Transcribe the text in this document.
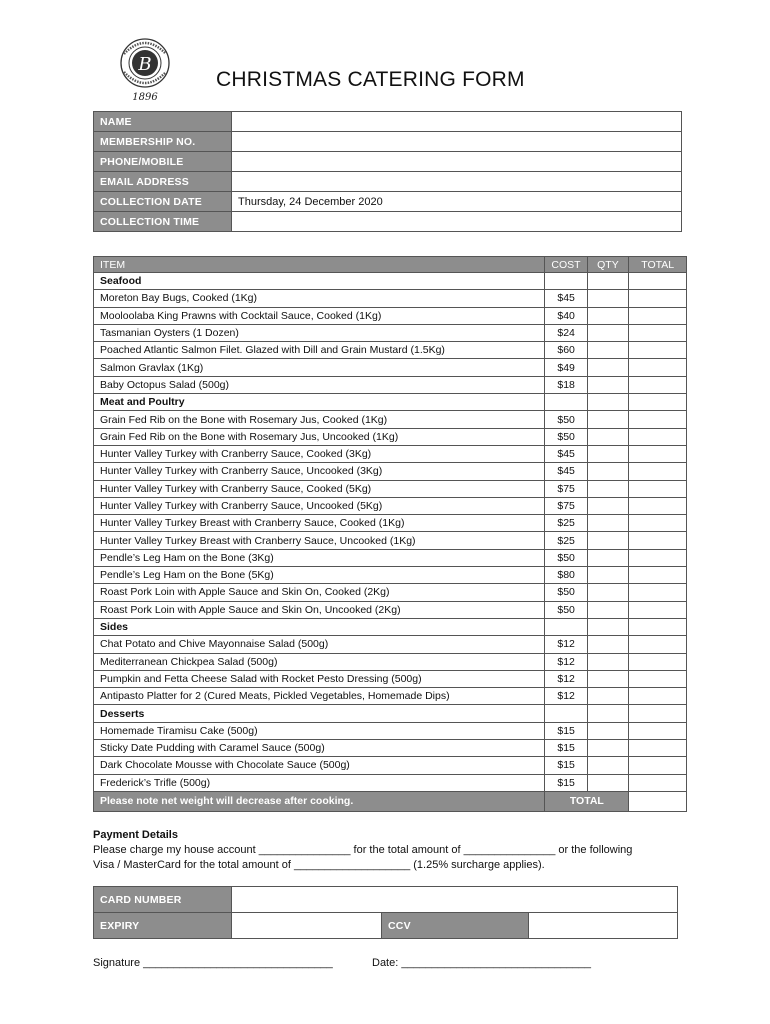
B
1896
CHRISTMAS CATERING FORM
NAME	
MEMBERSHIP NO.	
PHONE/MOBILE	
EMAIL ADDRESS	
COLLECTION DATE	Thursday, 24 December 2020
COLLECTION TIME	
ITEM	COST	QTY	TOTAL
Seafood			
Moreton Bay Bugs, Cooked (1Kg)	$45		
Mooloolaba King Prawns with Cocktail Sauce, Cooked (1Kg)	$40		
Tasmanian Oysters (1 Dozen)	$24		
Poached Atlantic Salmon Filet. Glazed with Dill and Grain Mustard (1.5Kg)	$60		
Salmon Gravlax (1Kg)	$49		
Baby Octopus Salad (500g)	$18		
Meat and Poultry			
Grain Fed Rib on the Bone with Rosemary Jus, Cooked (1Kg)	$50		
Grain Fed Rib on the Bone with Rosemary Jus, Uncooked (1Kg)	$50		
Hunter Valley Turkey with Cranberry Sauce, Cooked (3Kg)	$45		
Hunter Valley Turkey with Cranberry Sauce, Uncooked (3Kg)	$45		
Hunter Valley Turkey with Cranberry Sauce, Cooked (5Kg)	$75		
Hunter Valley Turkey with Cranberry Sauce, Uncooked (5Kg)	$75		
Hunter Valley Turkey Breast with Cranberry Sauce, Cooked (1Kg)	$25		
Hunter Valley Turkey Breast with Cranberry Sauce, Uncooked (1Kg)	$25		
Pendle’s Leg Ham on the Bone (3Kg)	$50		
Pendle’s Leg Ham on the Bone (5Kg)	$80		
Roast Pork Loin with Apple Sauce and Skin On, Cooked (2Kg)	$50		
Roast Pork Loin with Apple Sauce and Skin On, Uncooked (2Kg)	$50		
Sides			
Chat Potato and Chive Mayonnaise Salad (500g)	$12		
Mediterranean Chickpea Salad (500g)	$12		
Pumpkin and Fetta Cheese Salad with Rocket Pesto Dressing (500g)	$12		
Antipasto Platter for 2 (Cured Meats, Pickled Vegetables, Homemade Dips)	$12		
Desserts			
Homemade Tiramisu Cake (500g)	$15		
Sticky Date Pudding with Caramel Sauce (500g)	$15		
Dark Chocolate Mousse with Chocolate Sauce (500g)	$15		
Frederick’s Trifle (500g)	$15		
Please note net weight will decrease after cooking.	TOTAL		
Payment Details
Please charge my house account _______________ for the total amount of _______________ or the following
Visa / MasterCard for the total amount of ___________________ (1.25% surcharge applies).
CARD NUMBER			
EXPIRY		CCV	
Signature _______________________________	Date: _______________________________
